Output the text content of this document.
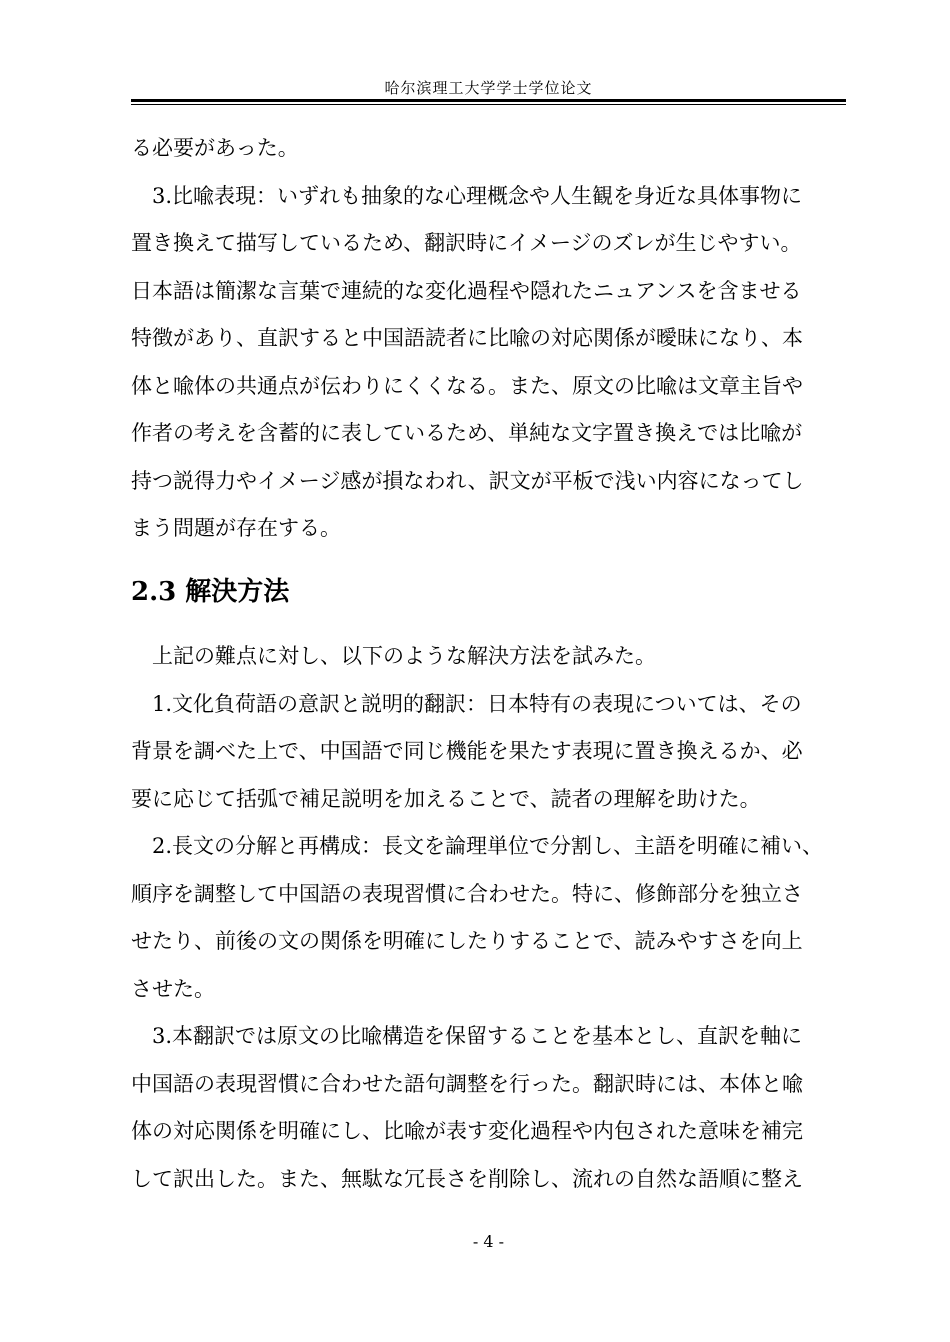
哈尔滨理工大学学士学位论文
る必要があった。
3.比喩表現：いずれも抽象的な心理概念や人生観を身近な具体事物に
置き換えて描写しているため、翻訳時にイメージのズレが生じやすい。
日本語は簡潔な言葉で連続的な変化過程や隠れたニュアンスを含ませる
特徴があり、直訳すると中国語読者に比喩の対応関係が曖昧になり、本
体と喩体の共通点が伝わりにくくなる。また、原文の比喩は文章主旨や
作者の考えを含蓄的に表しているため、単純な文字置き換えでは比喩が
持つ説得力やイメージ感が損なわれ、訳文が平板で浅い内容になってし
まう問題が存在する。
2.3 解決方法
上記の難点に対し、以下のような解決方法を試みた。
1.文化負荷語の意訳と説明的翻訳：日本特有の表現については、その
背景を調べた上で、中国語で同じ機能を果たす表現に置き換えるか、必
要に応じて括弧で補足説明を加えることで、読者の理解を助けた。
2.長文の分解と再構成：長文を論理単位で分割し、主語を明確に補い、
順序を調整して中国語の表現習慣に合わせた。特に、修飾部分を独立さ
せたり、前後の文の関係を明確にしたりすることで、読みやすさを向上
させた。
3.本翻訳では原文の比喩構造を保留することを基本とし、直訳を軸に
中国語の表現習慣に合わせた語句調整を行った。翻訳時には、本体と喩
体の対応関係を明確にし、比喩が表す変化過程や内包された意味を補完
して訳出した。また、無駄な冗長さを削除し、流れの自然な語順に整え
- 4 -
